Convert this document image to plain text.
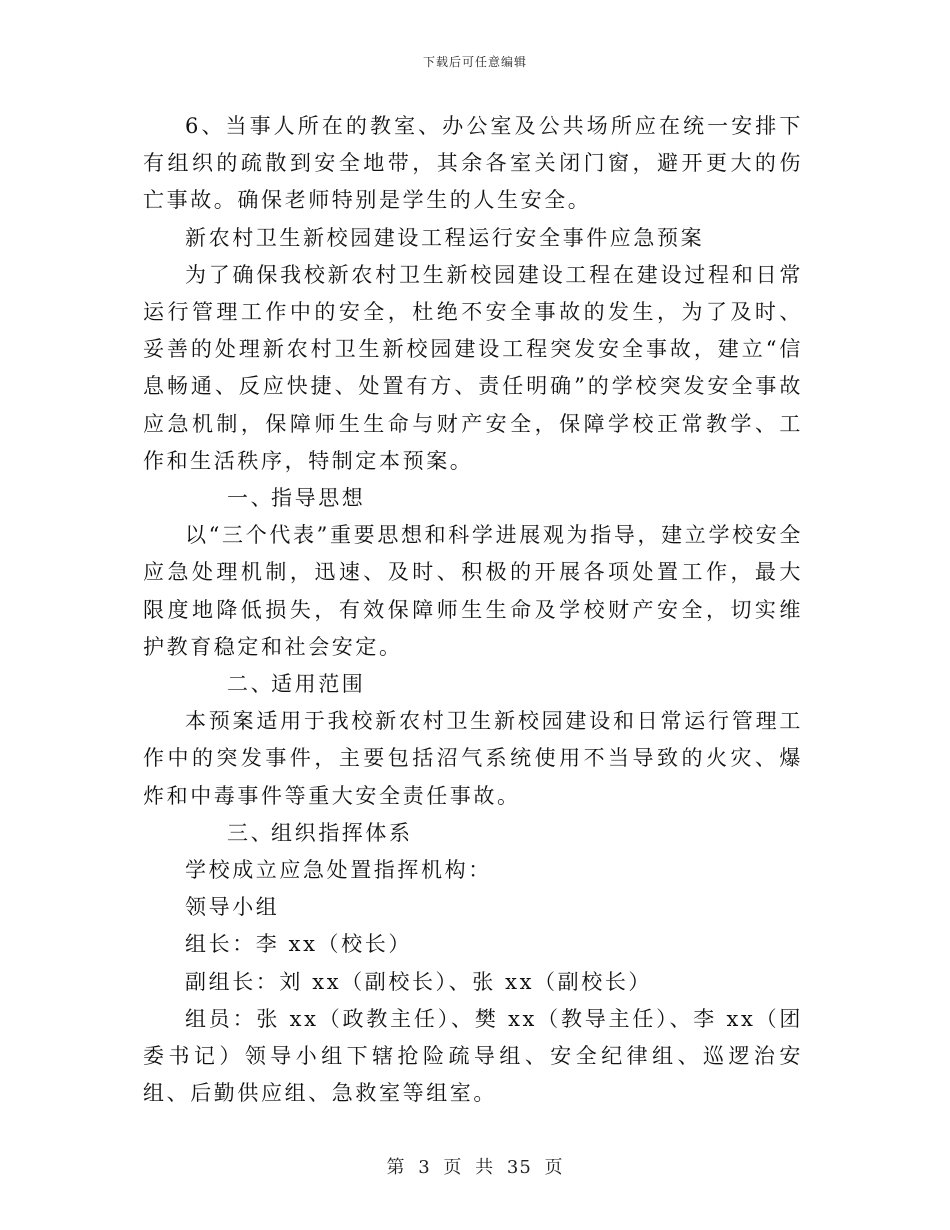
下载后可任意编辑

6、当事人所在的教室、办公室及公共场所应在统一安排下有组织的疏散到安全地带，其余各室关闭门窗，避开更大的伤亡事故。确保老师特别是学生的人生安全。

新农村卫生新校园建设工程运行安全事件应急预案

为了确保我校新农村卫生新校园建设工程在建设过程和日常运行管理工作中的安全，杜绝不安全事故的发生，为了及时、妥善的处理新农村卫生新校园建设工程突发安全事故，建立“信息畅通、反应快捷、处置有方、责任明确”的学校突发安全事故应急机制，保障师生生命与财产安全，保障学校正常教学、工作和生活秩序，特制定本预案。

一、指导思想

以“三个代表”重要思想和科学进展观为指导，建立学校安全应急处理机制，迅速、及时、积极的开展各项处置工作，最大限度地降低损失，有效保障师生生命及学校财产安全，切实维护教育稳定和社会安定。

二、适用范围

本预案适用于我校新农村卫生新校园建设和日常运行管理工作中的突发事件，主要包括沼气系统使用不当导致的火灾、爆炸和中毒事件等重大安全责任事故。

三、组织指挥体系

学校成立应急处置指挥机构：

领导小组

组长：李 xx（校长）

副组长：刘 xx（副校长）、张 xx（副校长）

组员：张 xx（政教主任）、樊 xx（教导主任）、李 xx（团委书记）领导小组下辖抢险疏导组、安全纪律组、巡逻治安组、后勤供应组、急救室等组室。

第 3 页 共 35 页
